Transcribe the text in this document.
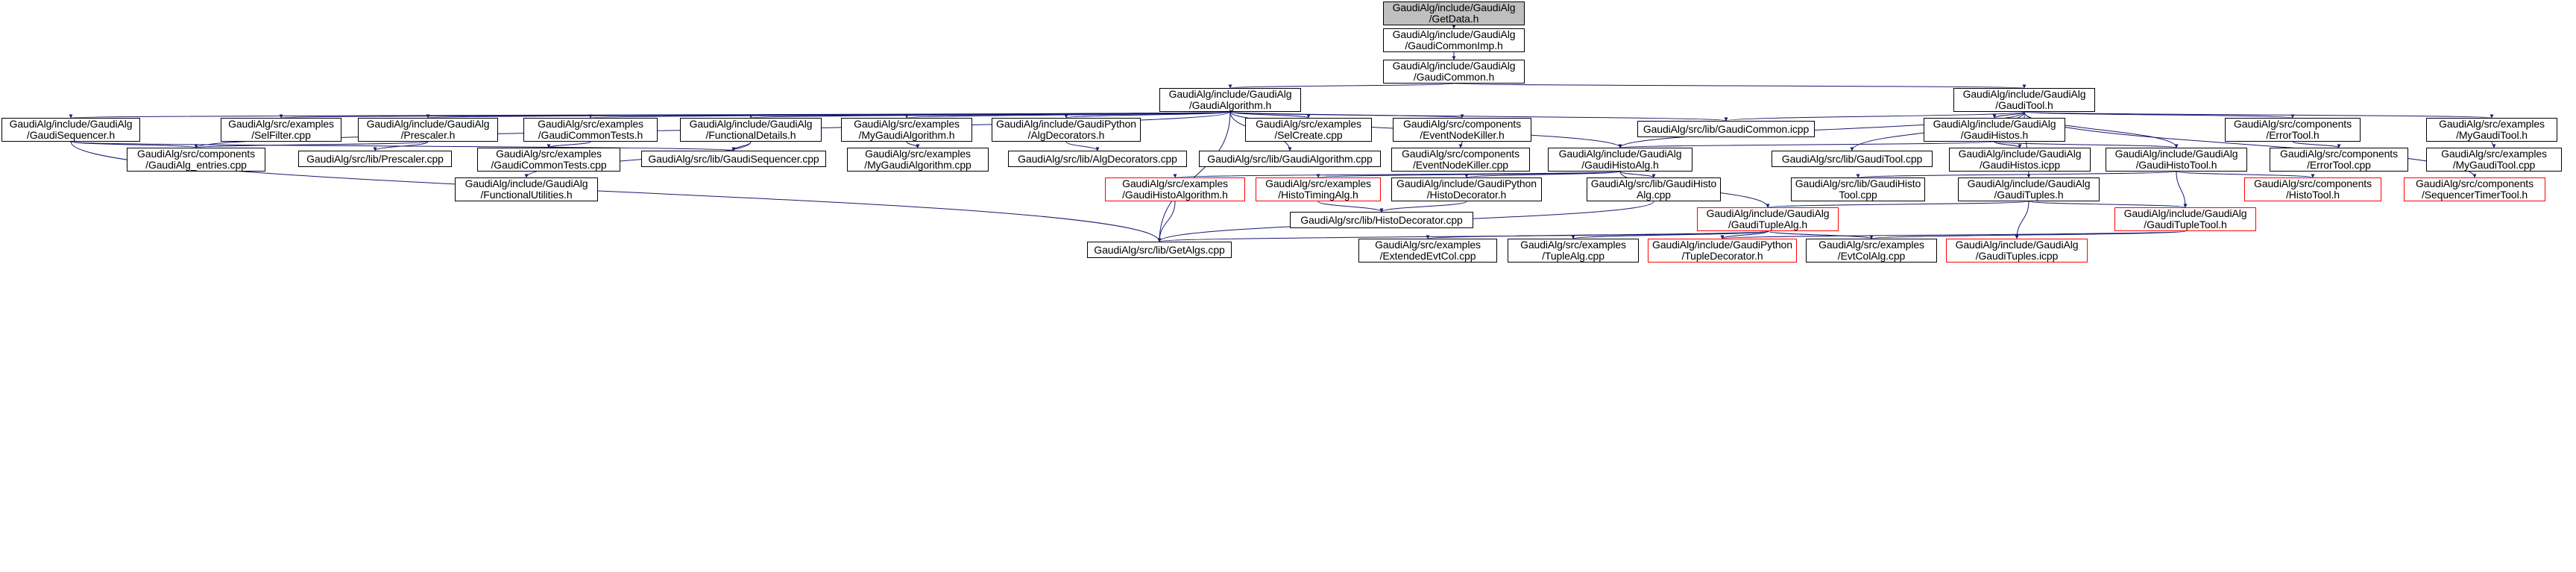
GaudiAlg/include/GaudiAlg
/GetData.h
GaudiAlg/include/GaudiAlg
/GaudiCommonImp.h
GaudiAlg/include/GaudiAlg
/GaudiCommon.h
GaudiAlg/include/GaudiAlg
/GaudiAlgorithm.h
GaudiAlg/include/GaudiAlg
/GaudiTool.h
GaudiAlg/include/GaudiAlg
/GaudiSequencer.h
GaudiAlg/src/examples
/SelFilter.cpp
GaudiAlg/include/GaudiAlg
/Prescaler.h
GaudiAlg/src/examples
/GaudiCommonTests.h
GaudiAlg/include/GaudiAlg
/FunctionalDetails.h
GaudiAlg/src/examples
/MyGaudiAlgorithm.h
GaudiAlg/include/GaudiPython
/AlgDecorators.h
GaudiAlg/src/examples
/SelCreate.cpp
GaudiAlg/src/components
/EventNodeKiller.h
GaudiAlg/src/lib/GaudiCommon.icpp	GaudiAlg/include/GaudiAlg
/GaudiHistos.h
GaudiAlg/src/components
/ErrorTool.h
GaudiAlg/src/examples
/MyGaudiTool.h
GaudiAlg/src/components
/GaudiAlg_entries.cpp
GaudiAlg/src/lib/Prescaler.cpp	GaudiAlg/src/examples
/GaudiCommonTests.cpp
GaudiAlg/src/lib/GaudiSequencer.cpp	GaudiAlg/src/examples
/MyGaudiAlgorithm.cpp
GaudiAlg/src/lib/AlgDecorators.cpp	GaudiAlg/src/lib/GaudiAlgorithm.cpp	GaudiAlg/src/components
/EventNodeKiller.cpp
GaudiAlg/include/GaudiAlg
/GaudiHistoAlg.h
GaudiAlg/src/lib/GaudiTool.cpp	GaudiAlg/include/GaudiAlg
/GaudiHistos.icpp
GaudiAlg/include/GaudiAlg
/GaudiHistoTool.h
GaudiAlg/src/components
/ErrorTool.cpp
GaudiAlg/src/examples
/MyGaudiTool.cpp
GaudiAlg/include/GaudiAlg
/FunctionalUtilities.h
GaudiAlg/src/examples
/GaudiHistoAlgorithm.h
GaudiAlg/src/examples
/HistoTimingAlg.h
GaudiAlg/include/GaudiPython
/HistoDecorator.h
GaudiAlg/src/lib/GaudiHisto
Alg.cpp
GaudiAlg/src/lib/GaudiHisto
Tool.cpp
GaudiAlg/include/GaudiAlg
/GaudiTuples.h
GaudiAlg/src/components
/HistoTool.h
GaudiAlg/src/components
/SequencerTimerTool.h
GaudiAlg/include/GaudiAlg
/GaudiTupleTool.h
GaudiAlg/src/lib/HistoDecorator.cpp
GaudiAlg/include/GaudiAlg
/GaudiTupleAlg.h
GaudiAlg/src/lib/GetAlgs.cpp	GaudiAlg/src/examples
/ExtendedEvtCol.cpp
GaudiAlg/src/examples
/TupleAlg.cpp
GaudiAlg/include/GaudiPython
/TupleDecorator.h
GaudiAlg/src/examples
/EvtColAlg.cpp
GaudiAlg/include/GaudiAlg
/GaudiTuples.icpp
